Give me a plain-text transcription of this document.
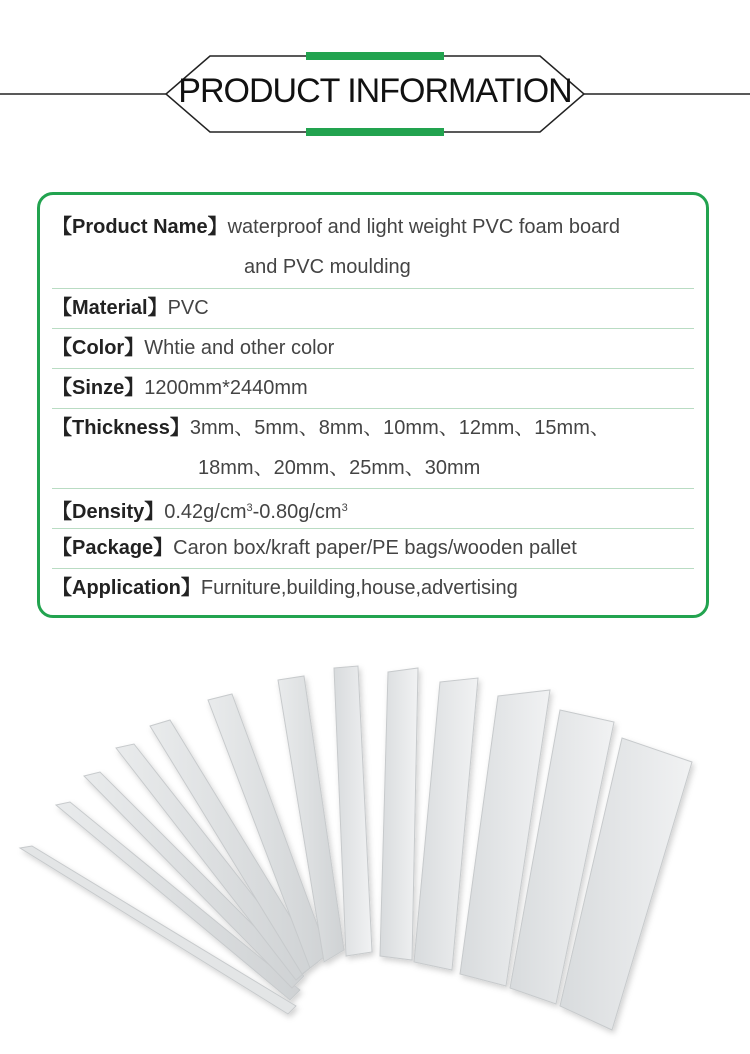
PRODUCT INFORMATION
【Product Name】waterproof and light weight PVC foam board
and PVC moulding
【Material】PVC
【Color】Whtie and other color
【Sinze】1200mm*2440mm
【Thickness】3mm、5mm、8mm、10mm、12mm、15mm、
18mm、20mm、25mm、30mm
【Density】$0.42g/cm^3-0.80g/cm^3$
【Package】Caron box/kraft paper/PE bags/wooden pallet
【Application】Furniture,building,house,advertising
